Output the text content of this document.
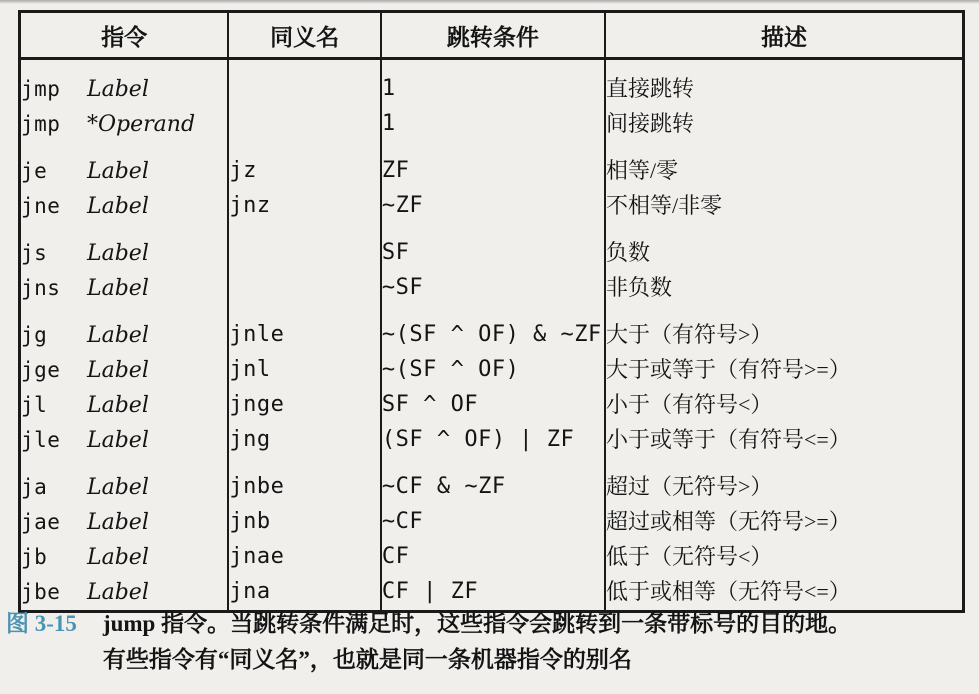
指令	同义名	跳转条件	描述
jmp Label		1	直接跳转
jmp *Operand		1	间接跳转
je Label	jz	ZF	相等/零
jne Label	jnz	~ZF	不相等/非零
js Label		SF	负数
jns Label		~SF	非负数
jg Label	jnle	~(SF ^ OF) & ~ZF	大于（有符号>）
jge Label	jnl	~(SF ^ OF)	大于或等于（有符号>=）
jl Label	jnge	SF ^ OF	小于（有符号<）
jle Label	jng	(SF ^ OF) | ZF	小于或等于（有符号<=）
ja Label	jnbe	~CF & ~ZF	超过（无符号>）
jae Label	jnb	~CF	超过或相等（无符号>=）
jb Label	jnae	CF	低于（无符号<）
jbe Label	jna	CF | ZF	低于或相等（无符号<=）
图 3-15 jump 指令。当跳转条件满足时，这些指令会跳转到一条带标号的目的地。
有些指令有“同义名”，也就是同一条机器指令的别名
